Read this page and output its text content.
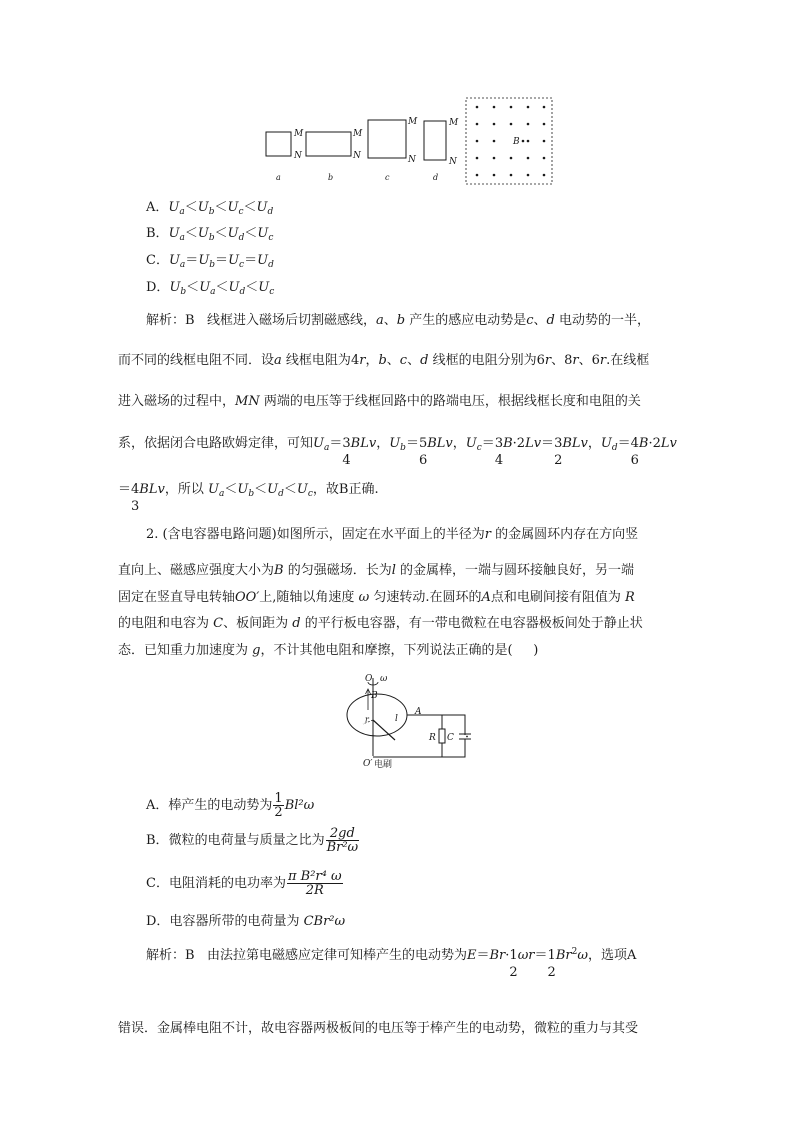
M
N
a
M
N
b
M
N
c
M
N
d
B
A．$U_a<U_b<U_c<U_d$
B．$U_a<U_b<U_d<U_c$
C．$U_a=U_b=U_c=U_d$
D．$U_b<U_a<U_d<U_c$
解析：B 线框进入磁场后切割磁感线，a、b 产生的感应电动势是c、d 电动势的一半，
而不同的线框电阻不同．设a 线框电阻为4r，b、c、d 线框的电阻分别为6r、8r、6r.在线框
进入磁场的过程中，MN 两端的电压等于线框回路中的路端电压，根据线框长度和电阻的关
系，依据闭合电路欧姆定律，可知$U_a=3$
4
BLv，$U_b=5$
6
BLv，$U_c=3$
4
B·2Lv＝3
2
BLv，$U_d=4$
6
B·2Lv
＝4
3
BLv，所以 $U_a<U_b<U_d<U_c$，故B正确.
2. (含电容器电路问题)如图所示，固定在水平面上的半径为r 的金属圆环内存在方向竖
直向上、磁感应强度大小为B 的匀强磁场．长为l 的金属棒，一端与圆环接触良好，另一端
固定在竖直导电转轴OO′上,随轴以角速度 ω 匀速转动.在圆环的A点和电刷间接有阻值为 R
的电阻和电容为 C、板间距为 d 的平行板电容器，有一带电微粒在电容器极板间处于静止状
态．已知重力加速度为 g，不计其他电阻和摩擦，下列说法正确的是( )
O ω
B
r	l
A
R C
O′ 电刷
A．棒产生的电动势为 $\frac{1}{2} Bl^2\omega$
B．微粒的电荷量与质量之比为 $\frac{2gd}{\text{Br²ω}}$
C．电阻消耗的电功率为 $\frac{\text{π B²r⁴ ω}}{2R}$
D．电容器所带的电荷量为 CBr²ω
解析：B 由法拉第电磁感应定律可知棒产生的电动势为E＝Br·1
2
ωr＝1
2
Br$^2$ω，选项A
错误．金属棒电阻不计，故电容器两极板间的电压等于棒产生的电动势，微粒的重力与其受
